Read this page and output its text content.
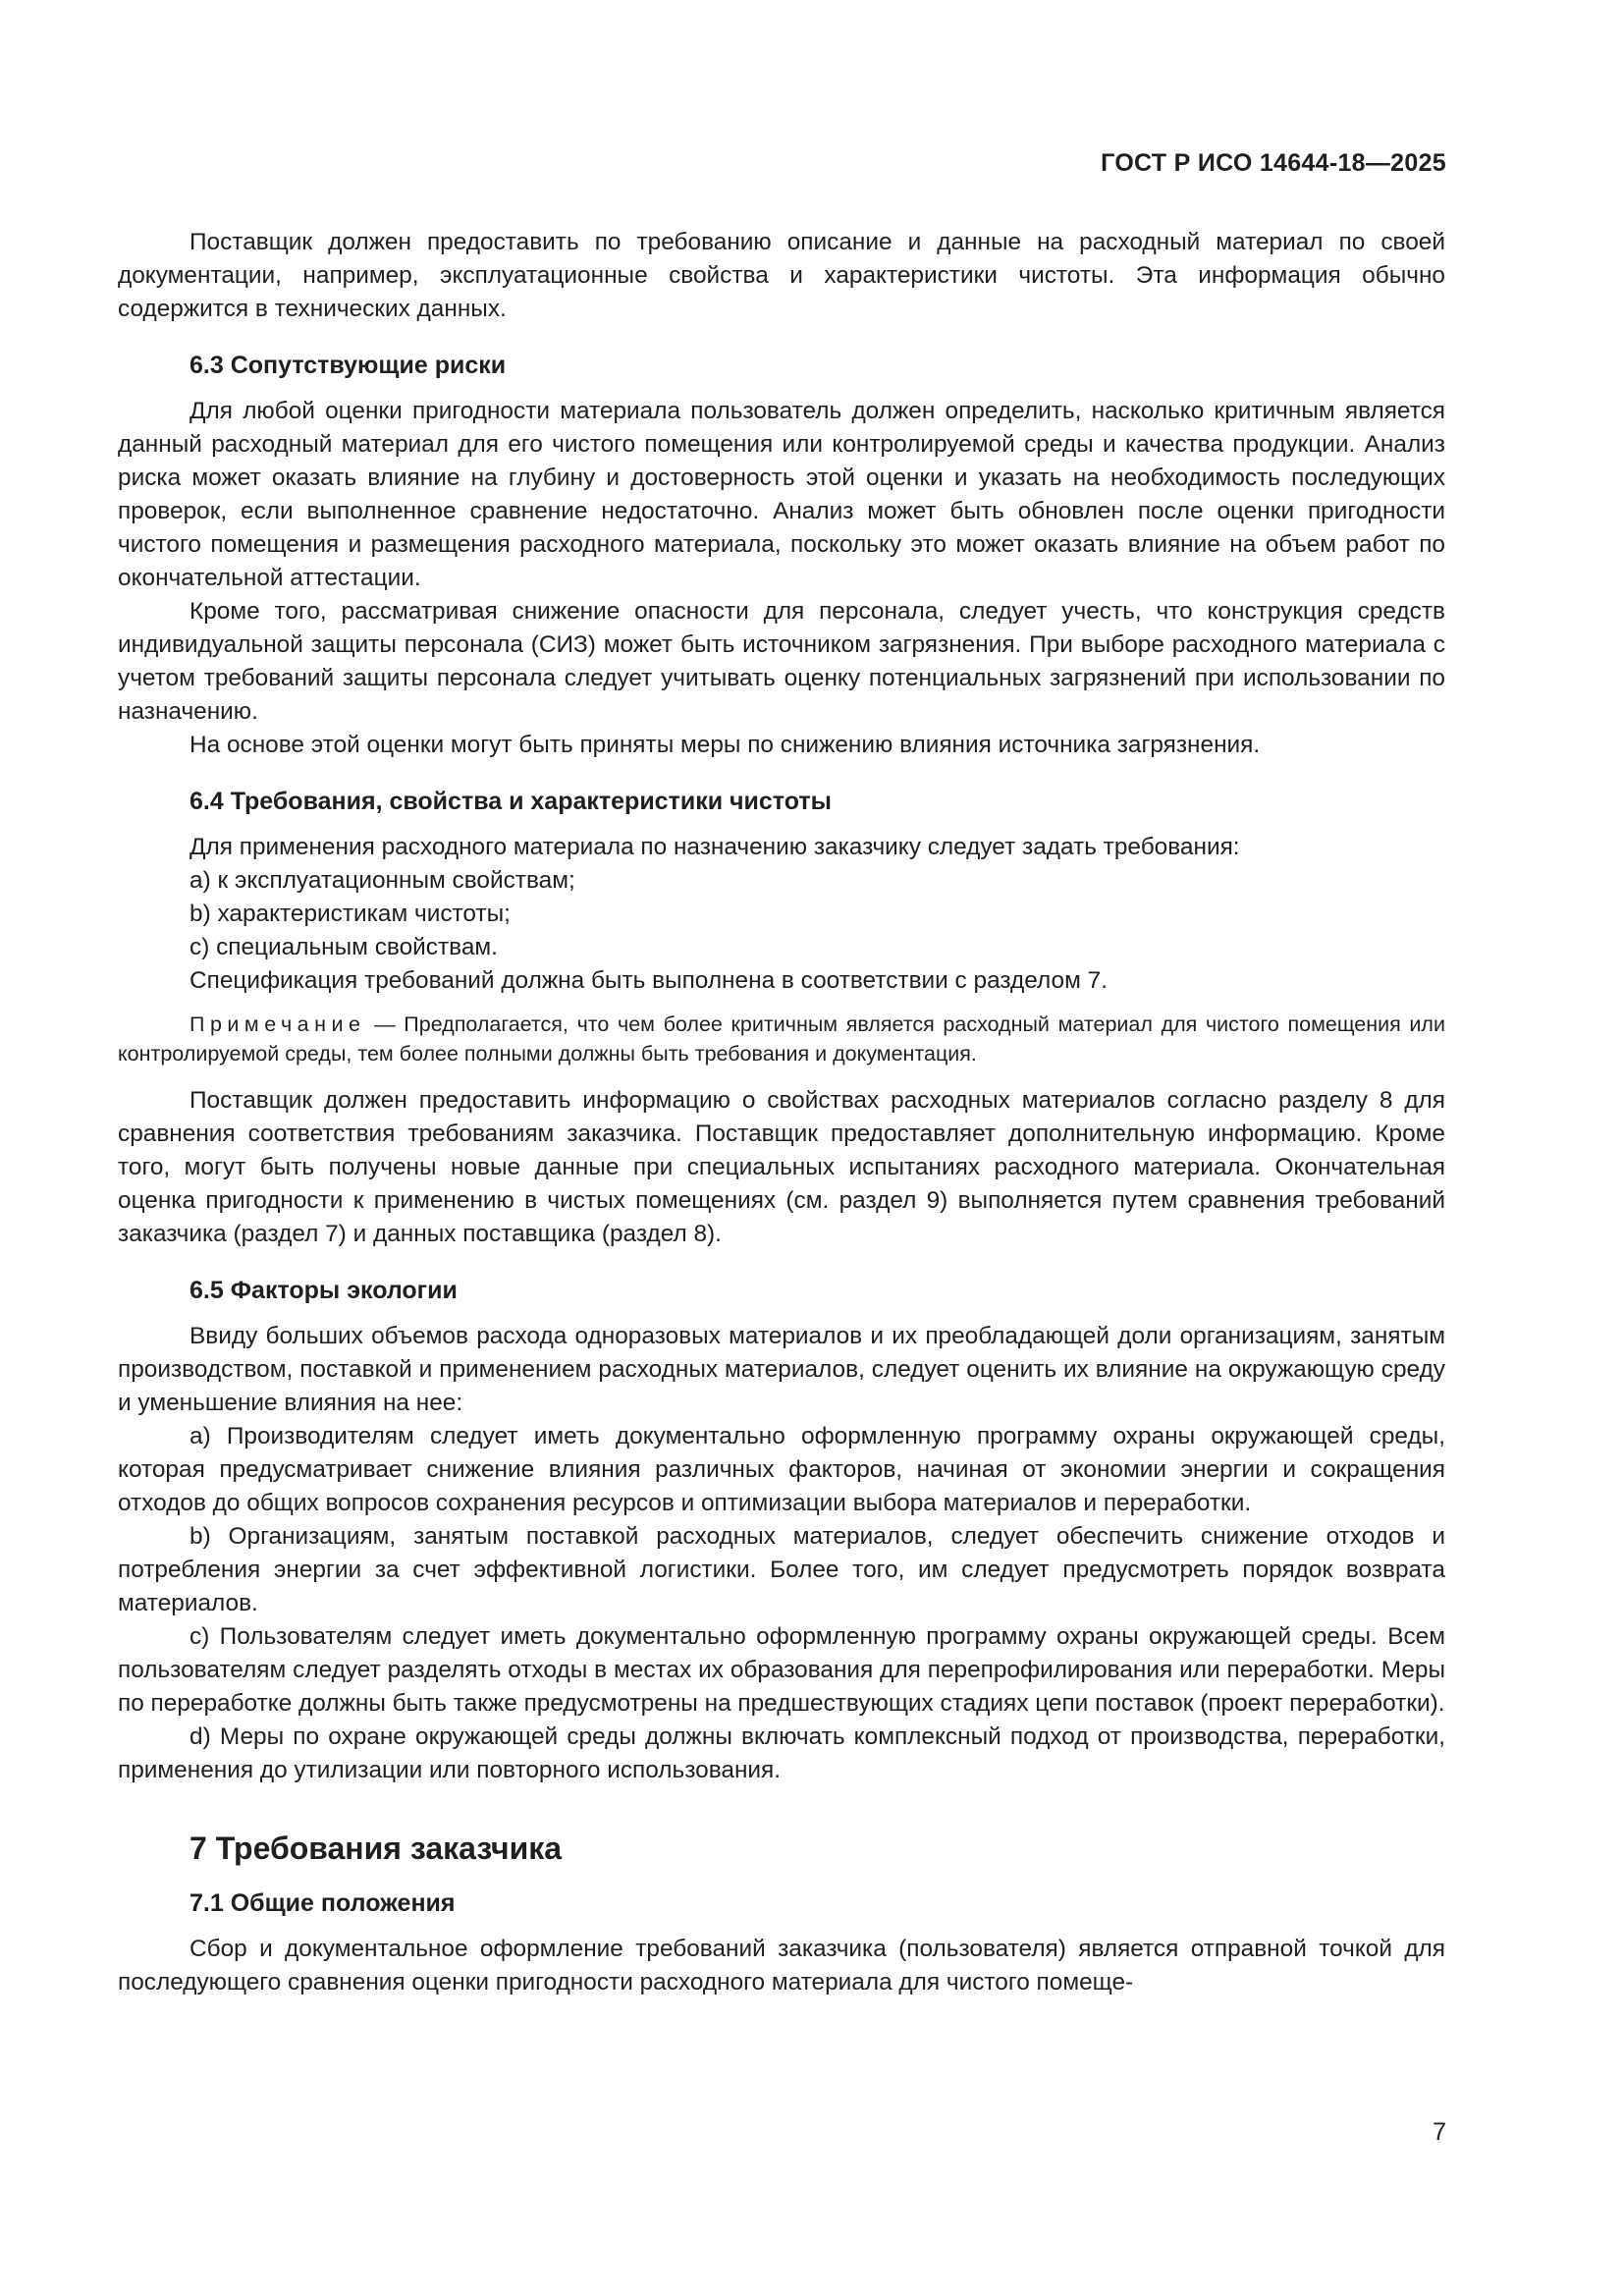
ГОСТ Р ИСО 14644-18—2025

Поставщик должен предоставить по требованию описание и данные на расходный материал по своей документации, например, эксплуатационные свойства и характеристики чистоты. Эта информация обычно содержится в технических данных.

6.3 Сопутствующие риски

Для любой оценки пригодности материала пользователь должен определить, насколько критичным является данный расходный материал для его чистого помещения или контролируемой среды и качества продукции. Анализ риска может оказать влияние на глубину и достоверность этой оценки и указать на необходимость последующих проверок, если выполненное сравнение недостаточно. Анализ может быть обновлен после оценки пригодности чистого помещения и размещения расходного материала, поскольку это может оказать влияние на объем работ по окончательной аттестации.

Кроме того, рассматривая снижение опасности для персонала, следует учесть, что конструкция средств индивидуальной защиты персонала (СИЗ) может быть источником загрязнения. При выборе расходного материала с учетом требований защиты персонала следует учитывать оценку потенциальных загрязнений при использовании по назначению.

На основе этой оценки могут быть приняты меры по снижению влияния источника загрязнения.

6.4 Требования, свойства и характеристики чистоты

Для применения расходного материала по назначению заказчику следует задать требования:

а) к эксплуатационным свойствам;

b) характеристикам чистоты;

с) специальным свойствам.

Спецификация требований должна быть выполнена в соответствии с разделом 7.

Примечание — Предполагается, что чем более критичным является расходный материал для чистого помещения или контролируемой среды, тем более полными должны быть требования и документация.

Поставщик должен предоставить информацию о свойствах расходных материалов согласно разделу 8 для сравнения соответствия требованиям заказчика. Поставщик предоставляет дополнительную информацию. Кроме того, могут быть получены новые данные при специальных испытаниях расходного материала. Окончательная оценка пригодности к применению в чистых помещениях (см. раздел 9) выполняется путем сравнения требований заказчика (раздел 7) и данных поставщика (раздел 8).

6.5 Факторы экологии

Ввиду больших объемов расхода одноразовых материалов и их преобладающей доли организациям, занятым производством, поставкой и применением расходных материалов, следует оценить их влияние на окружающую среду и уменьшение влияния на нее:

а) Производителям следует иметь документально оформленную программу охраны окружающей среды, которая предусматривает снижение влияния различных факторов, начиная от экономии энергии и сокращения отходов до общих вопросов сохранения ресурсов и оптимизации выбора материалов и переработки.

b) Организациям, занятым поставкой расходных материалов, следует обеспечить снижение отходов и потребления энергии за счет эффективной логистики. Более того, им следует предусмотреть порядок возврата материалов.

с) Пользователям следует иметь документально оформленную программу охраны окружающей среды. Всем пользователям следует разделять отходы в местах их образования для перепрофилирования или переработки. Меры по переработке должны быть также предусмотрены на предшествующих стадиях цепи поставок (проект переработки).

d) Меры по охране окружающей среды должны включать комплексный подход от производства, переработки, применения до утилизации или повторного использования.

7 Требования заказчика
7.1 Общие положения

Сбор и документальное оформление требований заказчика (пользователя) является отправной точкой для последующего сравнения оценки пригодности расходного материала для чистого помеще-

7
